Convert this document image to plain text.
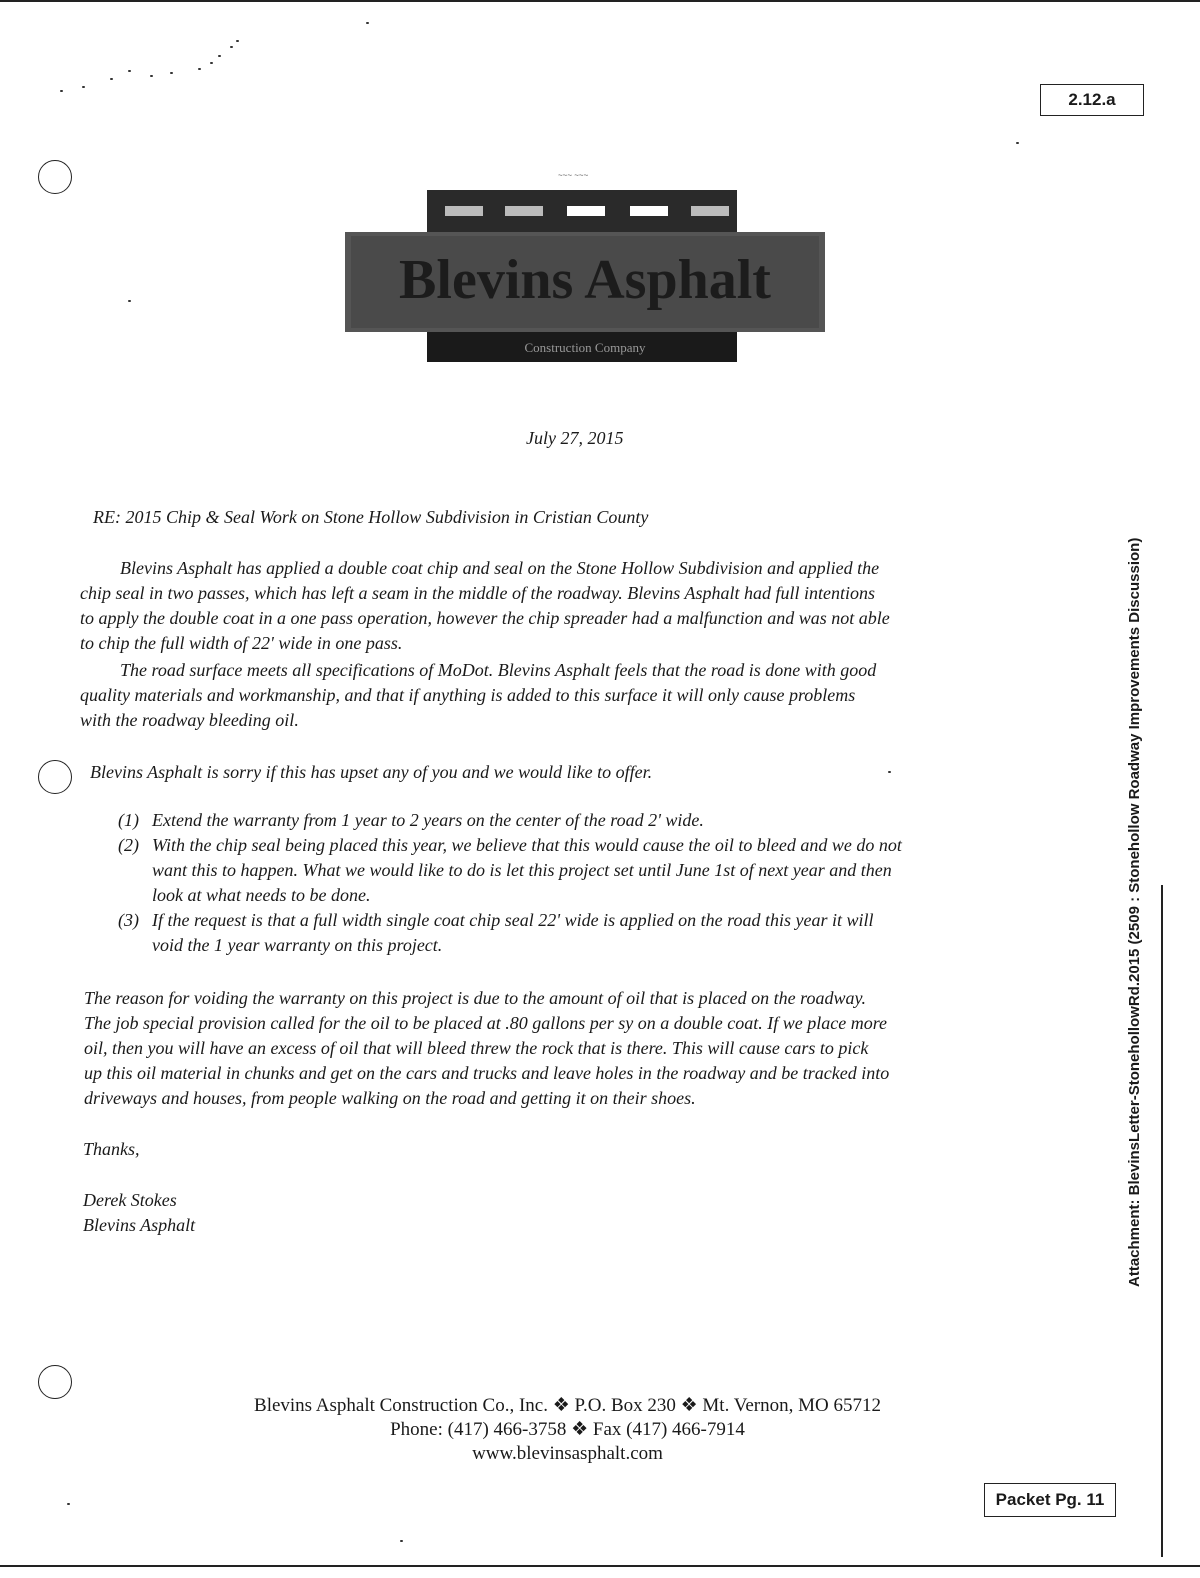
2.12.a
Packet Pg. 11
Attachment: BlevinsLetter-StonehollowRd.2015 (2509 : Stonehollow Roadway Improvements Discussion)
~~~ ~~~
Blevins Asphalt
Construction Company
July 27, 2015
RE: 2015 Chip & Seal Work on Stone Hollow Subdivision in Cristian County
Blevins Asphalt has applied a double coat chip and seal on the Stone Hollow Subdivision and applied the
chip seal in two passes, which has left a seam in the middle of the roadway. Blevins Asphalt had full intentions
to apply the double coat in a one pass operation, however the chip spreader had a malfunction and was not able
to chip the full width of 22' wide in one pass.
The road surface meets all specifications of MoDot. Blevins Asphalt feels that the road is done with good
quality materials and workmanship, and that if anything is added to this surface it will only cause problems
with the roadway bleeding oil.
Blevins Asphalt is sorry if this has upset any of you and we would like to offer.
(1) Extend the warranty from 1 year to 2 years on the center of the road 2' wide.
(2) With the chip seal being placed this year, we believe that this would cause the oil to bleed and we do not
want this to happen. What we would like to do is let this project set until June 1st of next year and then
look at what needs to be done.
(3) If the request is that a full width single coat chip seal 22' wide is applied on the road this year it will
void the 1 year warranty on this project.
The reason for voiding the warranty on this project is due to the amount of oil that is placed on the roadway.
The job special provision called for the oil to be placed at .80 gallons per sy on a double coat. If we place more
oil, then you will have an excess of oil that will bleed threw the rock that is there. This will cause cars to pick
up this oil material in chunks and get on the cars and trucks and leave holes in the roadway and be tracked into
driveways and houses, from people walking on the road and getting it on their shoes.
Thanks,
Derek Stokes
Blevins Asphalt
Blevins Asphalt Construction Co., Inc. ❖ P.O. Box 230 ❖ Mt. Vernon, MO 65712
Phone: (417) 466-3758 ❖ Fax (417) 466-7914
www.blevinsasphalt.com
